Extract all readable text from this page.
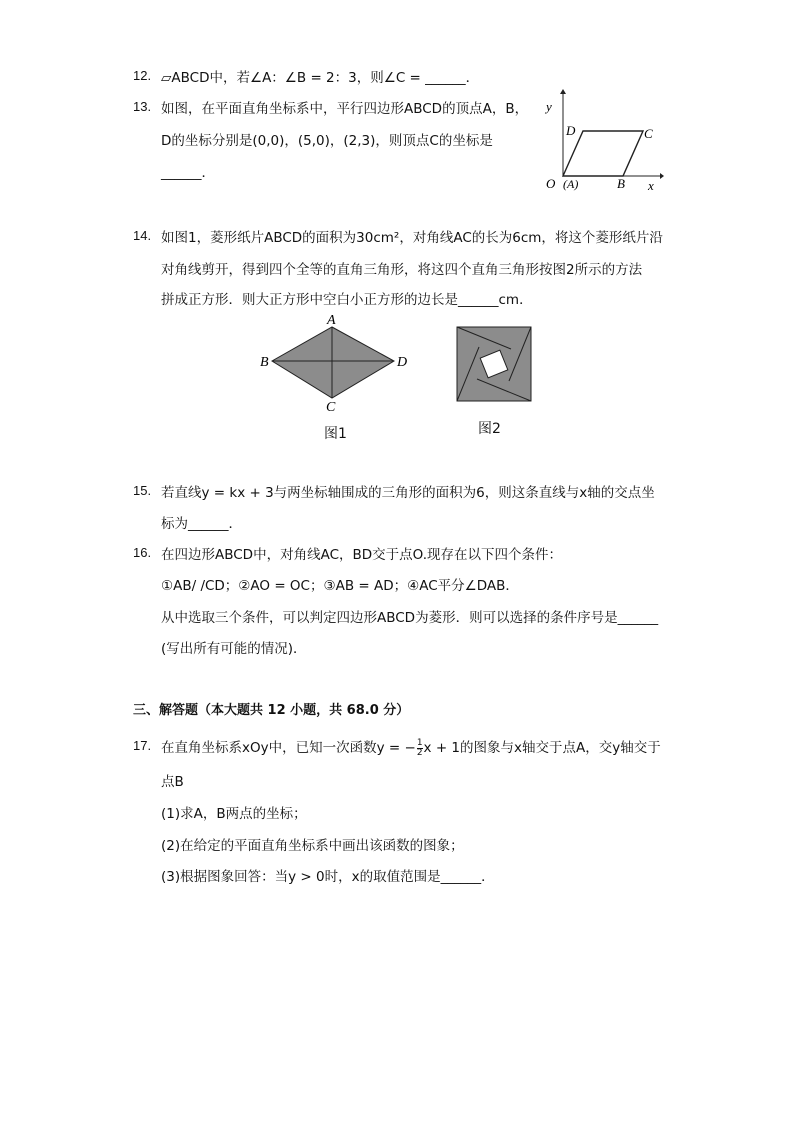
12. ▱ABCD中，若∠A：∠B = 2：3，则∠C = ______．
13. 如图，在平面直角坐标系中，平行四边形ABCD的顶点A，B，
D的坐标分别是(0,0)，(5,0)，(2,3)，则顶点C的坐标是
______．
y
x
D	C
O (A)	B
14. 如图1，菱形纸片ABCD的面积为30cm²，对角线AC的长为6cm，将这个菱形纸片沿
对角线剪开，得到四个全等的直角三角形，将这四个直角三角形按图2所示的方法
拼成正方形．则大正方形中空白小正方形的边长是______cm．
A
B	D
C
图1	图2
15. 若直线y = kx + 3与两坐标轴围成的三角形的面积为6，则这条直线与x轴的交点坐
标为______．
16. 在四边形ABCD中，对角线AC，BD交于点O.现存在以下四个条件：
①AB/ /CD；②AO = OC；③AB = AD；④AC平分∠DAB．
从中选取三个条件，可以判定四边形ABCD为菱形．则可以选择的条件序号是______
(写出所有可能的情况)．
三、解答题（本大题共 12 小题，共 68.0 分）
17. 在直角坐标系xOy中，已知一次函数y = − $\frac{1}{2}$ x + 1的图象与x轴交于点A，交y轴交于
点B
(1)求A，B两点的坐标；
(2)在给定的平面直角坐标系中画出该函数的图象；
(3)根据图象回答：当y > 0时，x的取值范围是______．
